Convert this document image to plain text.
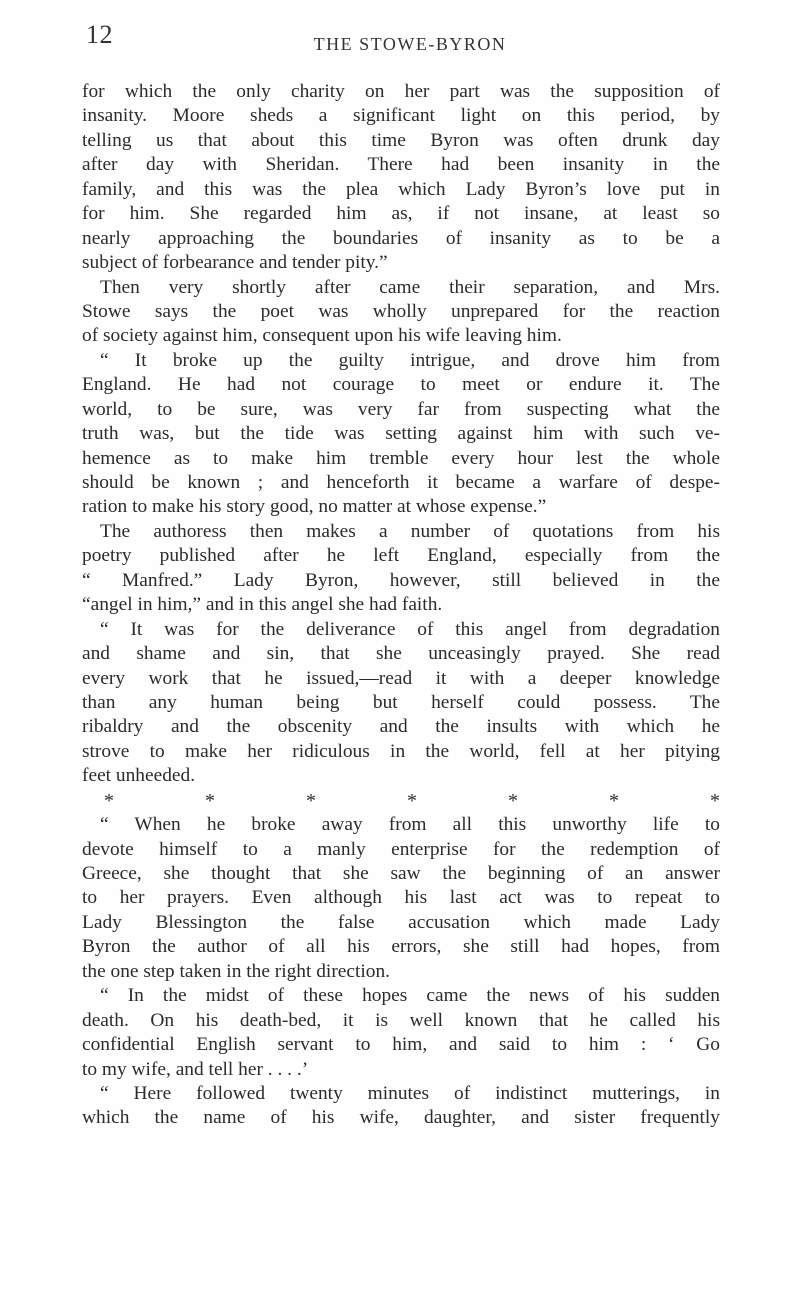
12	THE STOWE-BYRON
for which the only charity on her part was the supposition of
insanity. Moore sheds a significant light on this period, by
telling us that about this time Byron was often drunk day
after day with Sheridan. There had been insanity in the
family, and this was the plea which Lady Byron’s love put in
for him. She regarded him as, if not insane, at least so
nearly approaching the boundaries of insanity as to be a
subject of forbearance and tender pity.”
Then very shortly after came their separation, and Mrs.
Stowe says the poet was wholly unprepared for the reaction
of society against him, consequent upon his wife leaving him.
“ It broke up the guilty intrigue, and drove him from
England. He had not courage to meet or endure it. The
world, to be sure, was very far from suspecting what the
truth was, but the tide was setting against him with such ve-
hemence as to make him tremble every hour lest the whole
should be known ; and henceforth it became a warfare of despe-
ration to make his story good, no matter at whose expense.”
The authoress then makes a number of quotations from his
poetry published after he left England, especially from the
“ Manfred.” Lady Byron, however, still believed in the
“angel in him,” and in this angel she had faith.
“ It was for the deliverance of this angel from degradation
and shame and sin, that she unceasingly prayed. She read
every work that he issued,—read it with a deeper knowledge
than any human being but herself could possess. The
ribaldry and the obscenity and the insults with which he
strove to make her ridiculous in the world, fell at her pitying
feet unheeded.
* * * * * * *
“ When he broke away from all this unworthy life to
devote himself to a manly enterprise for the redemption of
Greece, she thought that she saw the beginning of an answer
to her prayers. Even although his last act was to repeat to
Lady Blessington the false accusation which made Lady
Byron the author of all his errors, she still had hopes, from
the one step taken in the right direction.
“ In the midst of these hopes came the news of his sudden
death. On his death-bed, it is well known that he called his
confidential English servant to him, and said to him : ‘ Go
to my wife, and tell her . . . .’
“ Here followed twenty minutes of indistinct mutterings, in
which the name of his wife, daughter, and sister frequently
